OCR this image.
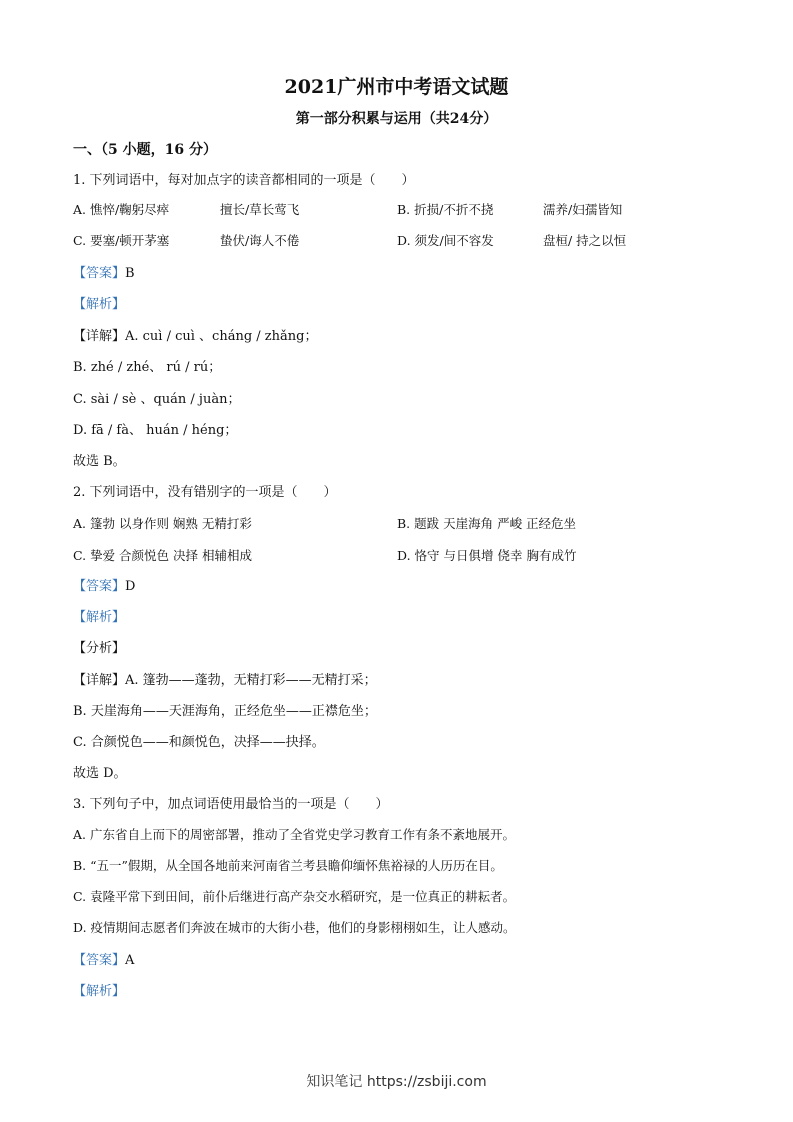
2021广州市中考语文试题
第一部分积累与运用（共24分）
一、（5 小题，16 分）
1. 下列词语中，每对加点字的读音都相同的一项是（　　）
A. 憔悴/鞠躬尽瘁	擅长/草长莺飞	B. 折损/不折不挠	濡养/妇孺皆知
C. 要塞/顿开茅塞	蛰伏/诲人不倦	D. 须发/间不容发	盘桓/ 持之以恒
【答案】B
【解析】
【详解】A. cuì / cuì 、cháng / zhǎng；
B. zhé / zhé、 rú / rú；
C. sài / sè 、quán / juàn；
D. fā / fà、 huán / héng；
故选 B。
2. 下列词语中，没有错别字的一项是（　　）
A. 篷勃 以身作则 娴熟 无精打彩	B. 题跋 天崖海角 严峻 正经危坐
C. 挚爱 合颜悦色 决择 相辅相成	D. 恪守 与日俱增 侥幸 胸有成竹
【答案】D
【解析】
【分析】
【详解】A. 篷勃——蓬勃，无精打彩——无精打采；
B. 天崖海角——天涯海角，正经危坐——正襟危坐；
C. 合颜悦色——和颜悦色，决择——抉择。
故选 D。
3. 下列句子中，加点词语使用最恰当的一项是（　　）
A. 广东省自上而下的周密部署，推动了全省党史学习教育工作有条不紊地展开。
B. “五一”假期，从全国各地前来河南省兰考县瞻仰缅怀焦裕禄的人历历在目。
C. 袁隆平常下到田间，前仆后继进行高产杂交水稻研究，是一位真正的耕耘者。
D. 疫情期间志愿者们奔波在城市的大街小巷，他们的身影栩栩如生，让人感动。
【答案】A
【解析】
知识笔记 https://zsbiji.com
